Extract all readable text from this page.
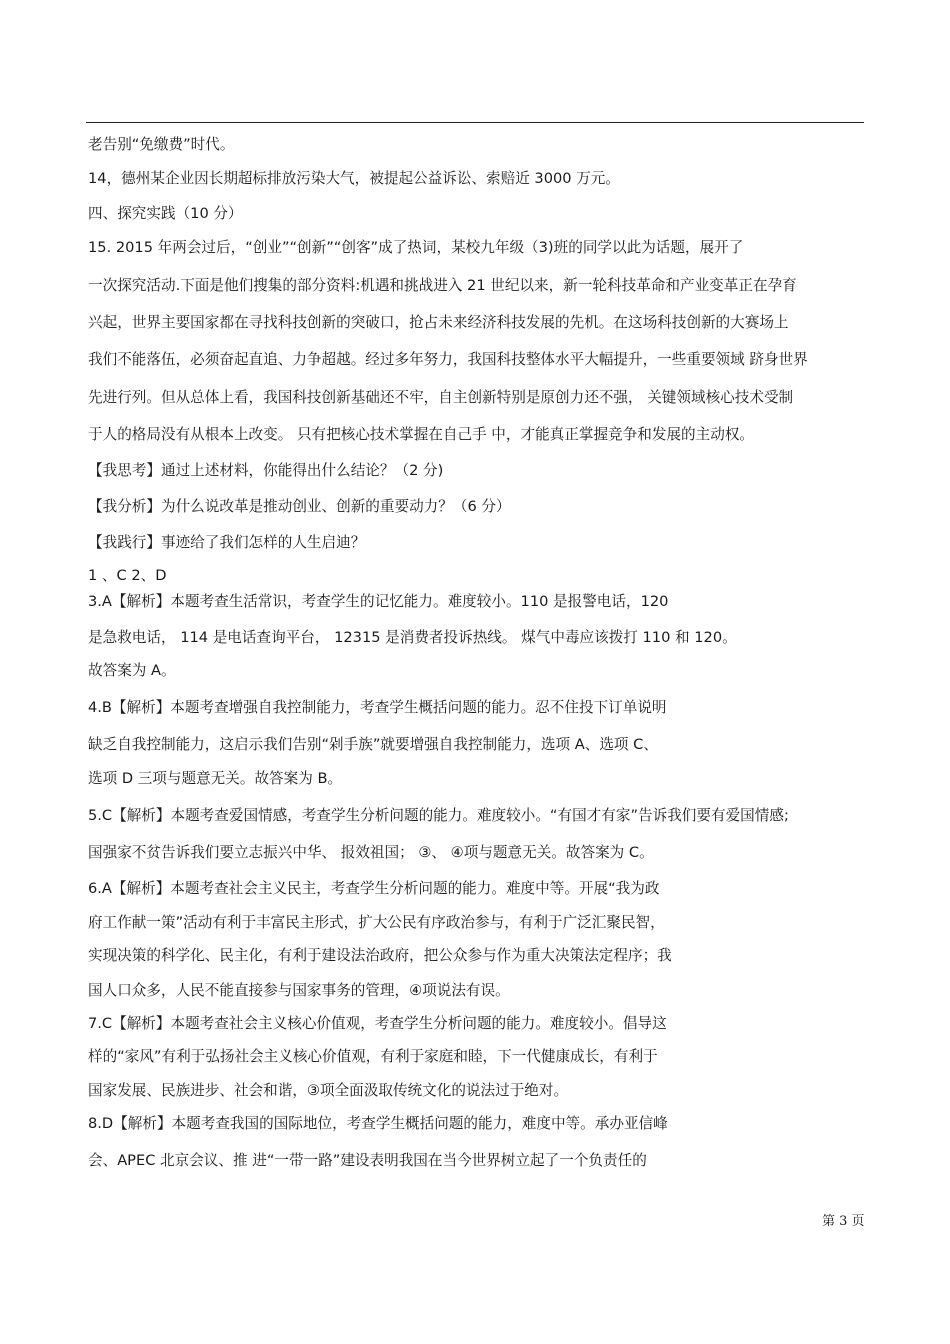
老告别“免缴费”时代。
14，德州某企业因长期超标排放污染大气，被提起公益诉讼、索赔近 3000 万元。
四、探究实践（10 分）
15. 2015 年两会过后，“创业”“创新”“创客”成了热词，某校九年级（3)班的同学以此为话题，展开了
一次探究活动.下面是他们搜集的部分资料:机遇和挑战进入 21 世纪以来，新一轮科技革命和产业变革正在孕育
兴起，世界主要国家都在寻找科技创新的突破口，抢占未来经济科技发展的先机。在这场科技创新的大赛场上
我们不能落伍，必须奋起直追、力争超越。经过多年努力，我国科技整体水平大幅提升，一些重要领域 跻身世界
先进行列。但从总体上看，我国科技创新基础还不牢，自主创新特别是原创力还不强， 关键领域核心技术受制
于人的格局没有从根本上改变。 只有把核心技术掌握在自己手 中，才能真正掌握竞争和发展的主动权。
【我思考】通过上述材料，你能得出什么结论？（2 分)
【我分析】为什么说改革是推动创业、创新的重要动力？（6 分）
【我践行】事迹给了我们怎样的人生启迪？
1 、C 2、D
3.A【解析】本题考查生活常识，考查学生的记忆能力。难度较小。110 是报警电话，120
是急救电话， 114 是电话查询平台， 12315 是消费者投诉热线。 煤气中毒应该拨打 110 和 120。
故答案为 A。
4.B【解析】本题考查增强自我控制能力，考查学生概括问题的能力。忍不住投下订单说明
缺乏自我控制能力，这启示我们告别“剁手族”就要增强自我控制能力，选项 A、选项 C、
选项 D 三项与题意无关。故答案为 B。
5.C【解析】本题考查爱国情感，考查学生分析问题的能力。难度较小。“有国才有家”告诉我们要有爱国情感;
国强家不贫告诉我们要立志振兴中华、 报效祖国； ③、 ④项与题意无关。故答案为 C。
6.A【解析】本题考查社会主义民主，考查学生分析问题的能力。难度中等。开展“我为政
府工作献一策”活动有利于丰富民主形式，扩大公民有序政治参与，有利于广泛汇聚民智，
实现决策的科学化、民主化，有利于建设法治政府，把公众参与作为重大决策法定程序；我
国人口众多，人民不能直接参与国家事务的管理，④项说法有误。
7.C【解析】本题考查社会主义核心价值观，考查学生分析问题的能力。难度较小。倡导这
样的“家风”有利于弘扬社会主义核心价值观，有利于家庭和睦，下一代健康成长，有利于
国家发展、民族进步、社会和谐，③项全面汲取传统文化的说法过于绝对。
8.D【解析】本题考查我国的国际地位，考查学生概括问题的能力，难度中等。承办亚信峰
会、APEC 北京会议、推 进“一带一路”建设表明我国在当今世界树立起了一个负责任的
第 3 页
